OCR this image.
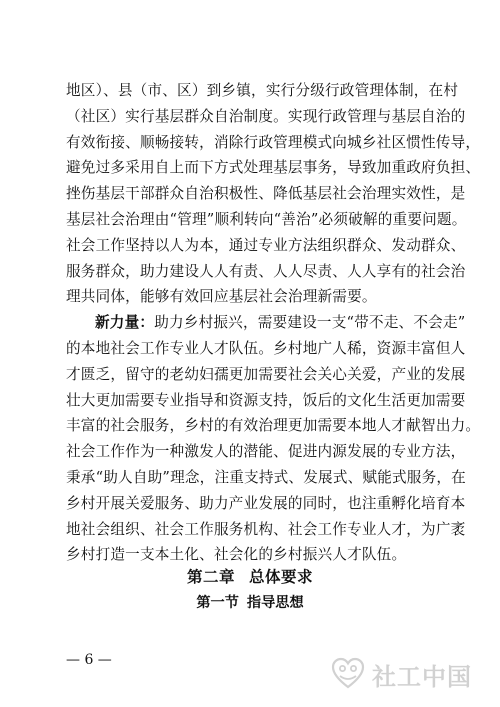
地区）、县（市、区）到乡镇，实行分级行政管理体制，在村
（社区）实行基层群众自治制度。实现行政管理与基层自治的
有效衔接、顺畅接转，消除行政管理模式向城乡社区惯性传导，
避免过多采用自上而下方式处理基层事务，导致加重政府负担、
挫伤基层干部群众自治积极性、降低基层社会治理实效性，是
基层社会治理由“管理”顺利转向“善治”必须破解的重要问题。
社会工作坚持以人为本，通过专业方法组织群众、发动群众、
服务群众，助力建设人人有责、人人尽责、人人享有的社会治
理共同体，能够有效回应基层社会治理新需要。
新力量：助力乡村振兴，需要建设一支“带不走、不会走”
的本地社会工作专业人才队伍。乡村地广人稀，资源丰富但人
才匮乏，留守的老幼妇孺更加需要社会关心关爱，产业的发展
壮大更加需要专业指导和资源支持，饭后的文化生活更加需要
丰富的社会服务，乡村的有效治理更加需要本地人才献智出力。
社会工作作为一种激发人的潜能、促进内源发展的专业方法，
秉承“助人自助”理念，注重支持式、发展式、赋能式服务，在
乡村开展关爱服务、助力产业发展的同时，也注重孵化培育本
地社会组织、社会工作服务机构、社会工作专业人才，为广袤
乡村打造一支本土化、社会化的乡村振兴人才队伍。
第二章 总体要求
第一节 指导思想
— 6 —
社工中国
